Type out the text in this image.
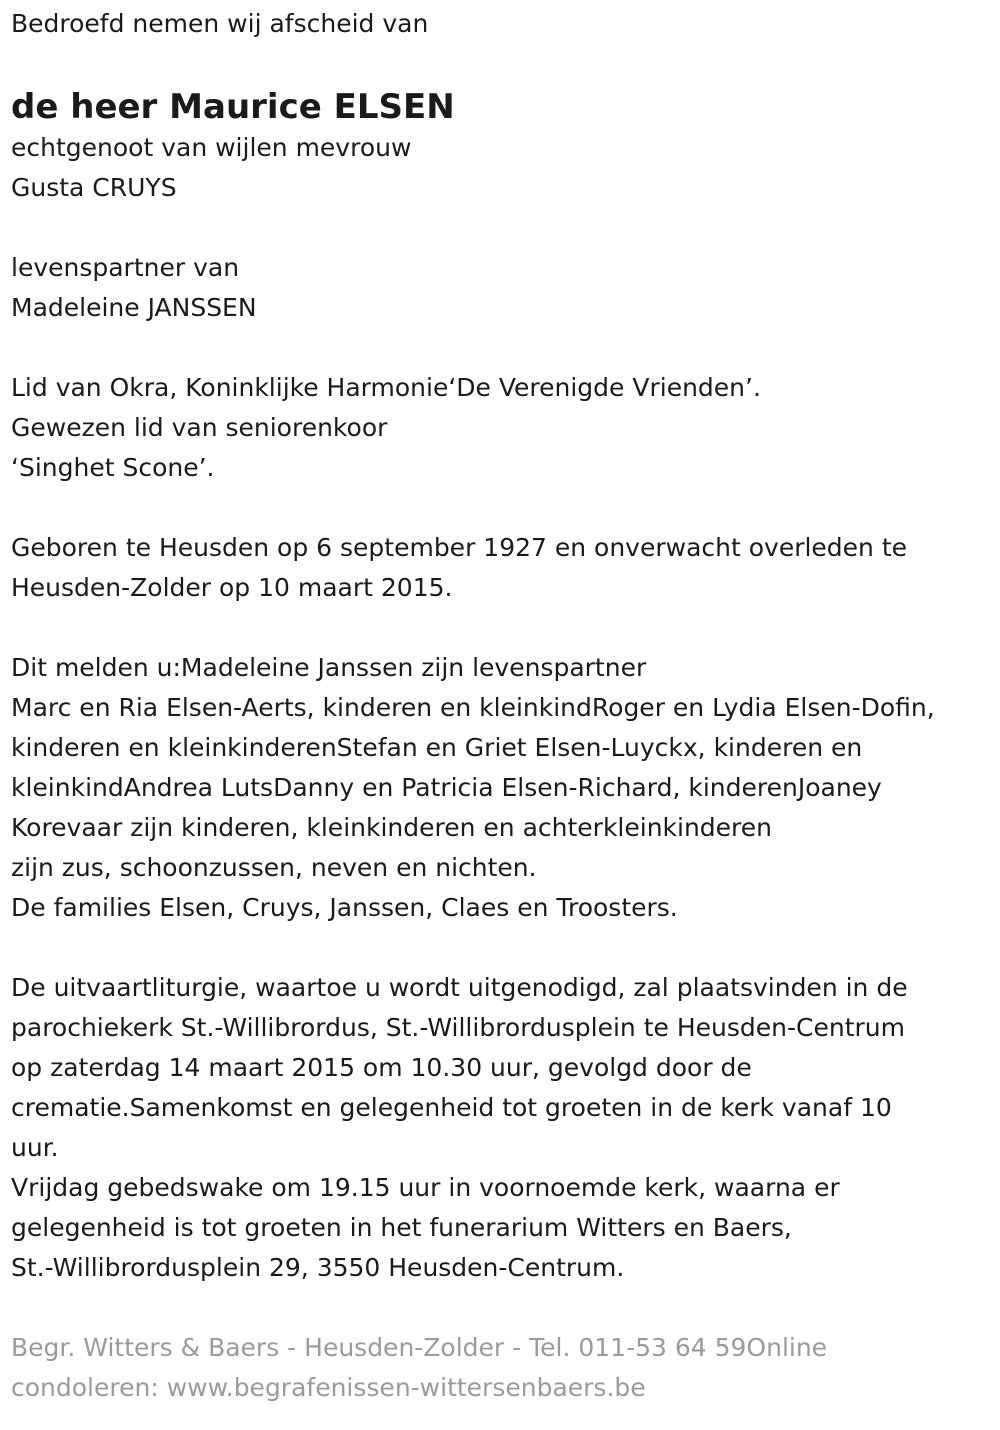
Bedroefd nemen wij afscheid van

de heer Maurice ELSEN

echtgenoot van wijlen mevrouw

Gusta CRUYS

levenspartner van

Madeleine JANSSEN

Lid van Okra, Koninklijke Harmonie‘De Verenigde Vrienden’.

Gewezen lid van seniorenkoor

‘Singhet Scone’.

Geboren te Heusden op 6 september 1927 en onverwacht overleden te

Heusden-Zolder op 10 maart 2015.

Dit melden u:Madeleine Janssen zijn levenspartner

Marc en Ria Elsen-Aerts, kinderen en kleinkindRoger en Lydia Elsen-Dofin,

kinderen en kleinkinderenStefan en Griet Elsen-Luyckx, kinderen en

kleinkindAndrea LutsDanny en Patricia Elsen-Richard, kinderenJoaney

Korevaar zijn kinderen, kleinkinderen en achterkleinkinderen

zijn zus, schoonzussen, neven en nichten.

De families Elsen, Cruys, Janssen, Claes en Troosters.

De uitvaartliturgie, waartoe u wordt uitgenodigd, zal plaatsvinden in de

parochiekerk St.-Willibrordus, St.-Willibrordusplein te Heusden-Centrum

op zaterdag 14 maart 2015 om 10.30 uur, gevolgd door de

crematie.Samenkomst en gelegenheid tot groeten in de kerk vanaf 10

uur.

Vrijdag gebedswake om 19.15 uur in voornoemde kerk, waarna er

gelegenheid is tot groeten in het funerarium Witters en Baers,

St.-Willibrordusplein 29, 3550 Heusden-Centrum.

Begr. Witters & Baers - Heusden-Zolder - Tel. 011-53 64 59Online

condoleren: www.begrafenissen-wittersenbaers.be
